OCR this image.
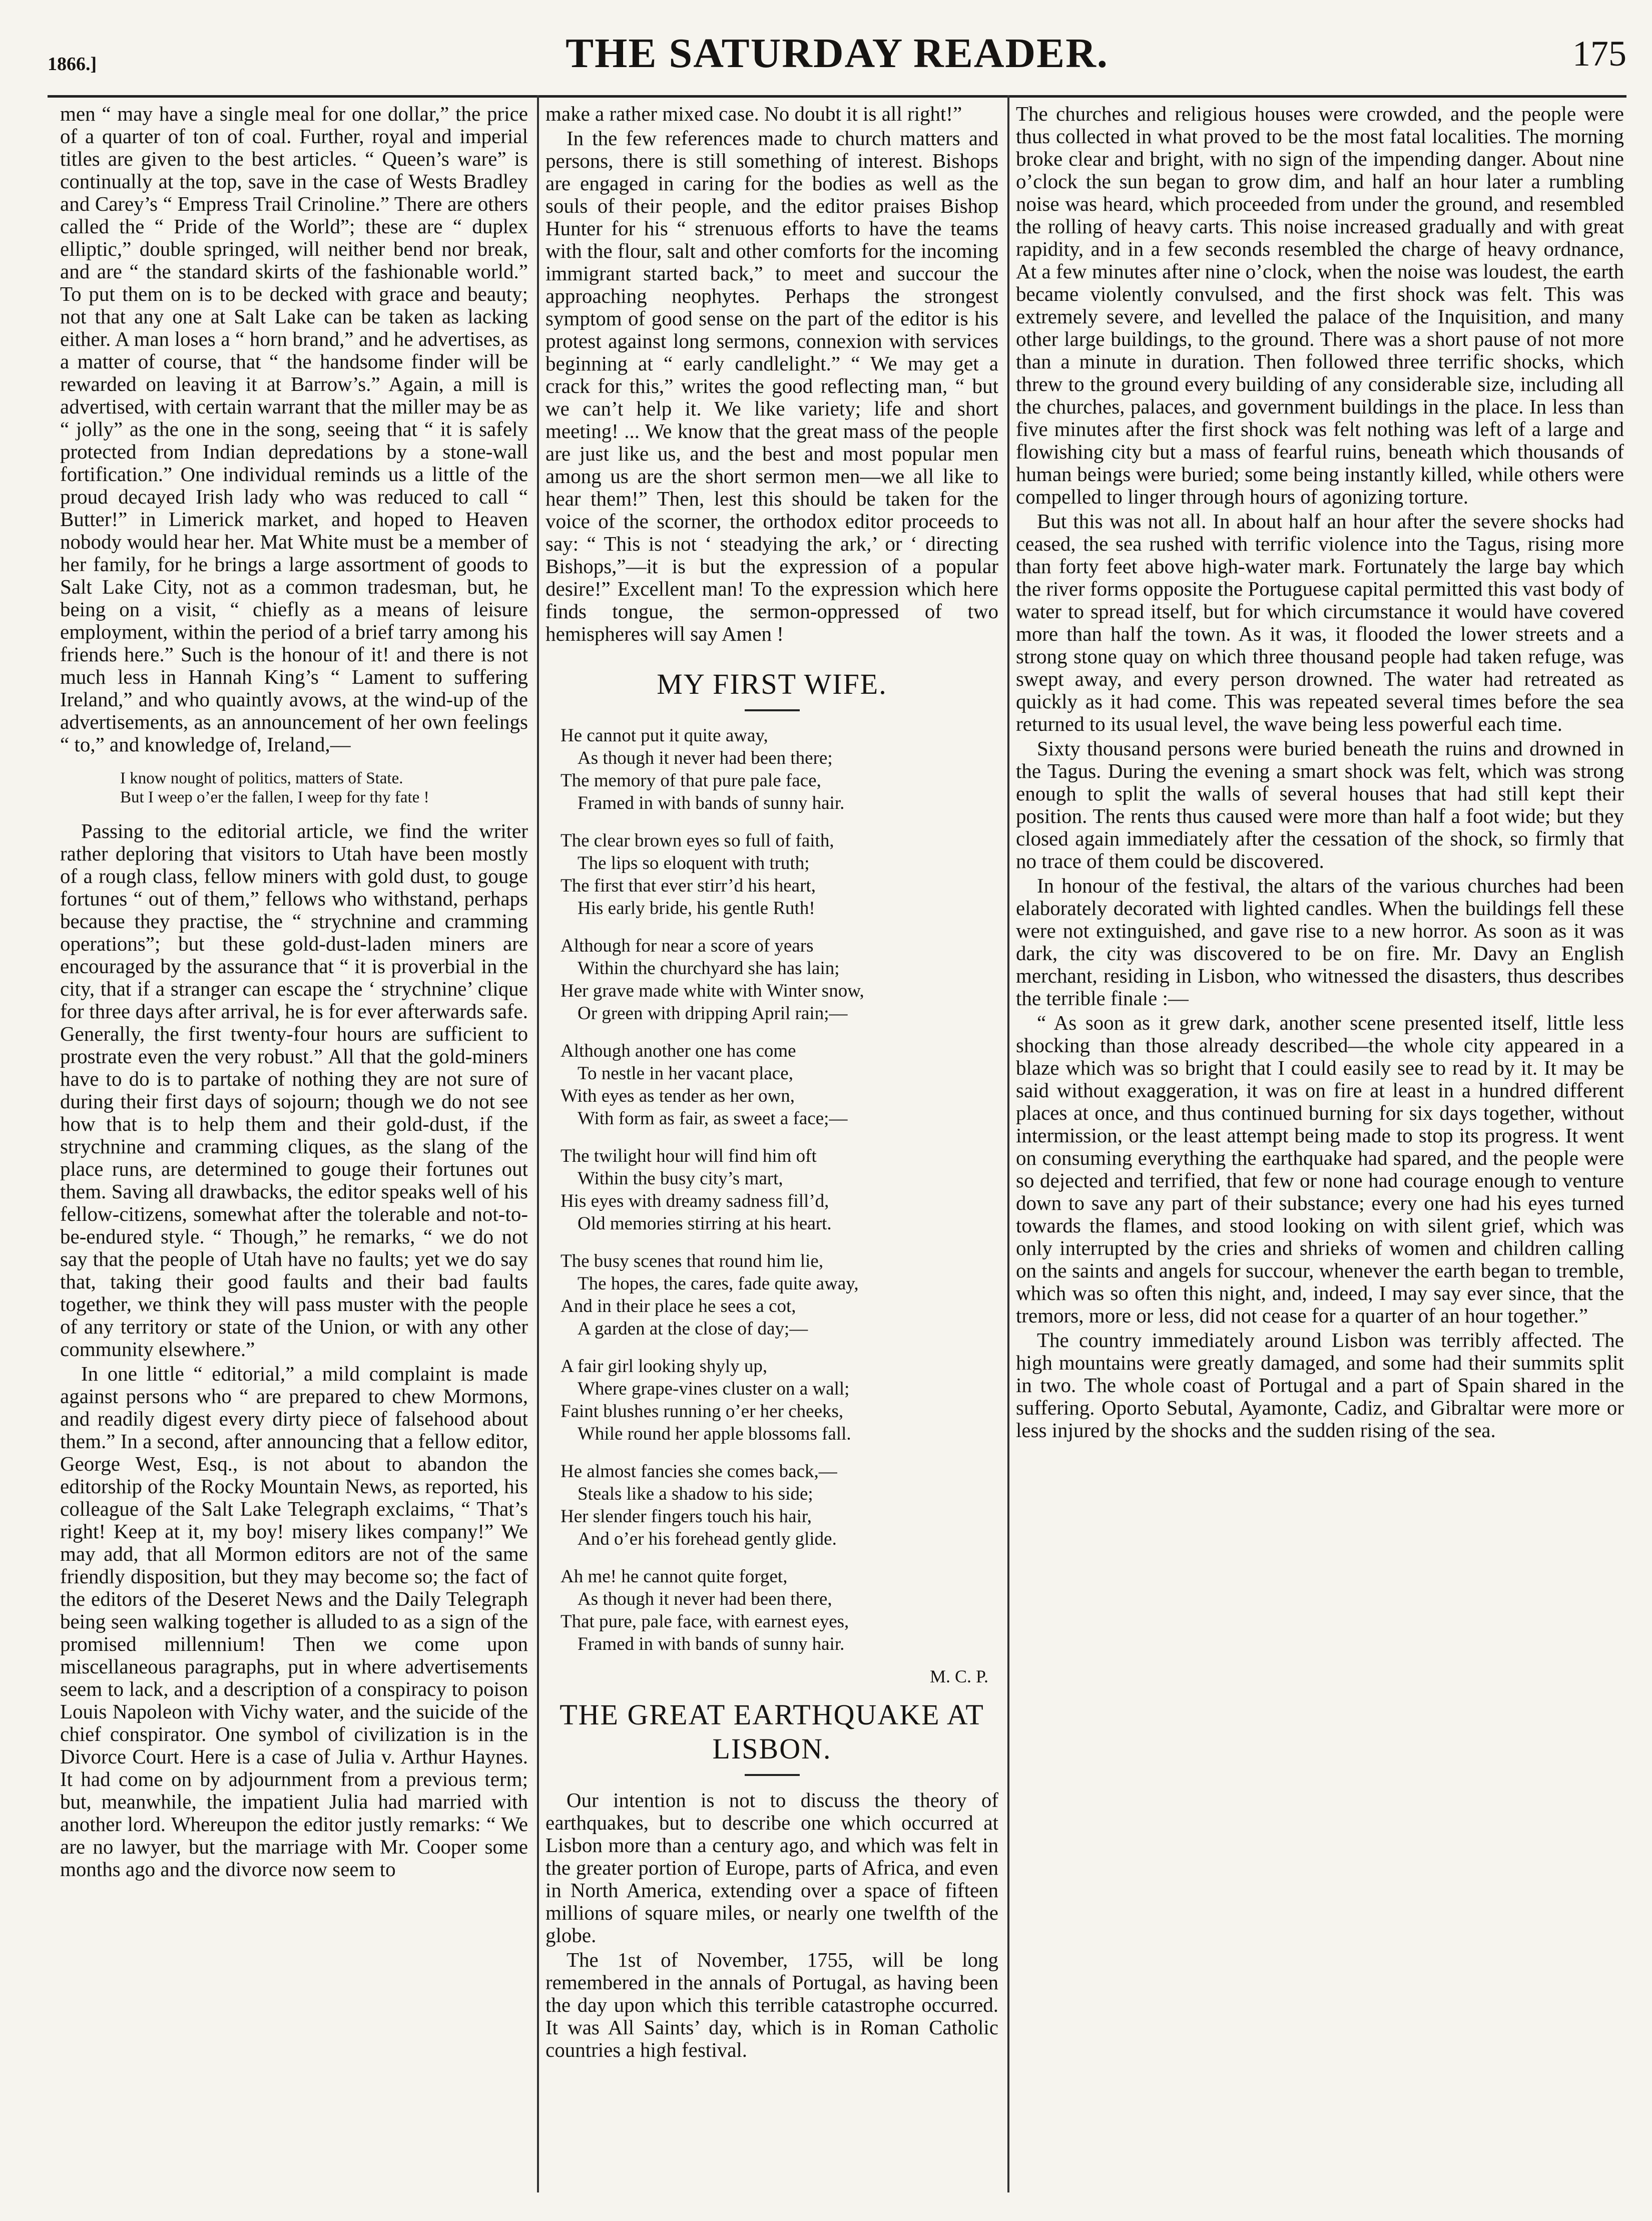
1866.]	THE SATURDAY READER.	175

men “ may have a single meal for one dollar,” the price of a quarter of ton of coal. Further, royal and imperial titles are given to the best articles. “ Queen’s ware” is continually at the top, save in the case of Wests Bradley and Carey’s “ Empress Trail Crinoline.” There are others called the “ Pride of the World”; these are “ duplex elliptic,” double springed, will neither bend nor break, and are “ the standard skirts of the fashionable world.” To put them on is to be decked with grace and beauty; not that any one at Salt Lake can be taken as lacking either. A man loses a “ horn brand,” and he advertises, as a matter of course, that “ the handsome finder will be rewarded on leaving it at Barrow’s.” Again, a mill is advertised, with certain warrant that the miller may be as “ jolly” as the one in the song, seeing that “ it is safely protected from Indian depredations by a stone-wall fortification.” One individual reminds us a little of the proud decayed Irish lady who was reduced to call “ Butter!” in Limerick market, and hoped to Heaven nobody would hear her. Mat White must be a member of her family, for he brings a large assortment of goods to Salt Lake City, not as a common tradesman, but, he being on a visit, “ chiefly as a means of leisure employment, within the period of a brief tarry among his friends here.” Such is the honour of it! and there is not much less in Hannah King’s “ Lament to suffering Ireland,” and who quaintly avows, at the wind-up of the advertisements, as an announcement of her own feelings “ to,” and knowledge of, Ireland,—

I know nought of politics, matters of State.
But I weep o’er the fallen, I weep for thy fate !

Passing to the editorial article, we find the writer rather deploring that visitors to Utah have been mostly of a rough class, fellow miners with gold dust, to gouge fortunes “ out of them,” fellows who withstand, perhaps because they practise, the “ strychnine and cramming operations”; but these gold-dust-laden miners are encouraged by the assurance that “ it is proverbial in the city, that if a stranger can escape the ‘ strychnine’ clique for three days after arrival, he is for ever afterwards safe. Generally, the first twenty-four hours are sufficient to prostrate even the very robust.” All that the gold-miners have to do is to partake of nothing they are not sure of during their first days of sojourn; though we do not see how that is to help them and their gold-dust, if the strychnine and cramming cliques, as the slang of the place runs, are determined to gouge their fortunes out them. Saving all drawbacks, the editor speaks well of his fellow-citizens, somewhat after the tolerable and not-to-be-endured style. “ Though,” he remarks, “ we do not say that the people of Utah have no faults; yet we do say that, taking their good faults and their bad faults together, we think they will pass muster with the people of any territory or state of the Union, or with any other community elsewhere.”

In one little “ editorial,” a mild complaint is made against persons who “ are prepared to chew Mormons, and readily digest every dirty piece of falsehood about them.” In a second, after announcing that a fellow editor, George West, Esq., is not about to abandon the editorship of the Rocky Mountain News, as reported, his colleague of the Salt Lake Telegraph exclaims, “ That’s right! Keep at it, my boy! misery likes company!” We may add, that all Mormon editors are not of the same friendly disposition, but they may become so; the fact of the editors of the Deseret News and the Daily Telegraph being seen walking together is alluded to as a sign of the promised millennium! Then we come upon miscellaneous paragraphs, put in where advertisements seem to lack, and a description of a conspiracy to poison Louis Napoleon with Vichy water, and the suicide of the chief conspirator. One symbol of civilization is in the Divorce Court. Here is a case of Julia v. Arthur Haynes. It had come on by adjournment from a previous term; but, meanwhile, the impatient Julia had married with another lord. Whereupon the editor justly remarks: “ We are no lawyer, but the marriage with Mr. Cooper some months ago and the divorce now seem to

make a rather mixed case. No doubt it is all right!”

In the few references made to church matters and persons, there is still something of interest. Bishops are engaged in caring for the bodies as well as the souls of their people, and the editor praises Bishop Hunter for his “ strenuous efforts to have the teams with the flour, salt and other comforts for the incoming immigrant started back,” to meet and succour the approaching neophytes. Perhaps the strongest symptom of good sense on the part of the editor is his protest against long sermons, connexion with services beginning at “ early candlelight.” “ We may get a crack for this,” writes the good reflecting man, “ but we can’t help it. We like variety; life and short meeting! ... We know that the great mass of the people are just like us, and the best and most popular men among us are the short sermon men—we all like to hear them!” Then, lest this should be taken for the voice of the scorner, the orthodox editor proceeds to say: “ This is not ‘ steadying the ark,’ or ‘ directing Bishops,”—it is but the expression of a popular desire!” Excellent man! To the expression which here finds tongue, the sermon-oppressed of two hemispheres will say Amen !

MY FIRST WIFE.
He cannot put it quite away,
As though it never had been there;
The memory of that pure pale face,
Framed in with bands of sunny hair.
The clear brown eyes so full of faith,
The lips so eloquent with truth;
The first that ever stirr’d his heart,
His early bride, his gentle Ruth!
Although for near a score of years
Within the churchyard she has lain;
Her grave made white with Winter snow,
Or green with dripping April rain;—
Although another one has come
To nestle in her vacant place,
With eyes as tender as her own,
With form as fair, as sweet a face;—
The twilight hour will find him oft
Within the busy city’s mart,
His eyes with dreamy sadness fill’d,
Old memories stirring at his heart.
The busy scenes that round him lie,
The hopes, the cares, fade quite away,
And in their place he sees a cot,
A garden at the close of day;—
A fair girl looking shyly up,
Where grape-vines cluster on a wall;
Faint blushes running o’er her cheeks,
While round her apple blossoms fall.
He almost fancies she comes back,—
Steals like a shadow to his side;
Her slender fingers touch his hair,
And o’er his forehead gently glide.
Ah me! he cannot quite forget,
As though it never had been there,
That pure, pale face, with earnest eyes,
Framed in with bands of sunny hair.
M. C. P.
THE GREAT EARTHQUAKE AT LISBON.

Our intention is not to discuss the theory of earthquakes, but to describe one which occurred at Lisbon more than a century ago, and which was felt in the greater portion of Europe, parts of Africa, and even in North America, extending over a space of fifteen millions of square miles, or nearly one twelfth of the globe.

The 1st of November, 1755, will be long remembered in the annals of Portugal, as having been the day upon which this terrible catastrophe occurred. It was All Saints’ day, which is in Roman Catholic countries a high festival.

The churches and religious houses were crowded, and the people were thus collected in what proved to be the most fatal localities. The morning broke clear and bright, with no sign of the impending danger. About nine o’clock the sun began to grow dim, and half an hour later a rumbling noise was heard, which proceeded from under the ground, and resembled the rolling of heavy carts. This noise increased gradually and with great rapidity, and in a few seconds resembled the charge of heavy ordnance, At a few minutes after nine o’clock, when the noise was loudest, the earth became violently convulsed, and the first shock was felt. This was extremely severe, and levelled the palace of the Inquisition, and many other large buildings, to the ground. There was a short pause of not more than a minute in duration. Then followed three terrific shocks, which threw to the ground every building of any considerable size, including all the churches, palaces, and government buildings in the place. In less than five minutes after the first shock was felt nothing was left of a large and flowishing city but a mass of fearful ruins, beneath which thousands of human beings were buried; some being instantly killed, while others were compelled to linger through hours of agonizing torture.

But this was not all. In about half an hour after the severe shocks had ceased, the sea rushed with terrific violence into the Tagus, rising more than forty feet above high-water mark. Fortunately the large bay which the river forms opposite the Portuguese capital permitted this vast body of water to spread itself, but for which circumstance it would have covered more than half the town. As it was, it flooded the lower streets and a strong stone quay on which three thousand people had taken refuge, was swept away, and every person drowned. The water had retreated as quickly as it had come. This was repeated several times before the sea returned to its usual level, the wave being less powerful each time.

Sixty thousand persons were buried beneath the ruins and drowned in the Tagus. During the evening a smart shock was felt, which was strong enough to split the walls of several houses that had still kept their position. The rents thus caused were more than half a foot wide; but they closed again immediately after the cessation of the shock, so firmly that no trace of them could be discovered.

In honour of the festival, the altars of the various churches had been elaborately decorated with lighted candles. When the buildings fell these were not extinguished, and gave rise to a new horror. As soon as it was dark, the city was discovered to be on fire. Mr. Davy an English merchant, residing in Lisbon, who witnessed the disasters, thus describes the terrible finale :—

“ As soon as it grew dark, another scene presented itself, little less shocking than those already described—the whole city appeared in a blaze which was so bright that I could easily see to read by it. It may be said without exaggeration, it was on fire at least in a hundred different places at once, and thus continued burning for six days together, without intermission, or the least attempt being made to stop its progress. It went on consuming everything the earthquake had spared, and the people were so dejected and terrified, that few or none had courage enough to venture down to save any part of their substance; every one had his eyes turned towards the flames, and stood looking on with silent grief, which was only interrupted by the cries and shrieks of women and children calling on the saints and angels for succour, whenever the earth began to tremble, which was so often this night, and, indeed, I may say ever since, that the tremors, more or less, did not cease for a quarter of an hour together.”

The country immediately around Lisbon was terribly affected. The high mountains were greatly damaged, and some had their summits split in two. The whole coast of Portugal and a part of Spain shared in the suffering. Oporto Sebutal, Ayamonte, Cadiz, and Gibraltar were more or less injured by the shocks and the sudden rising of the sea.
